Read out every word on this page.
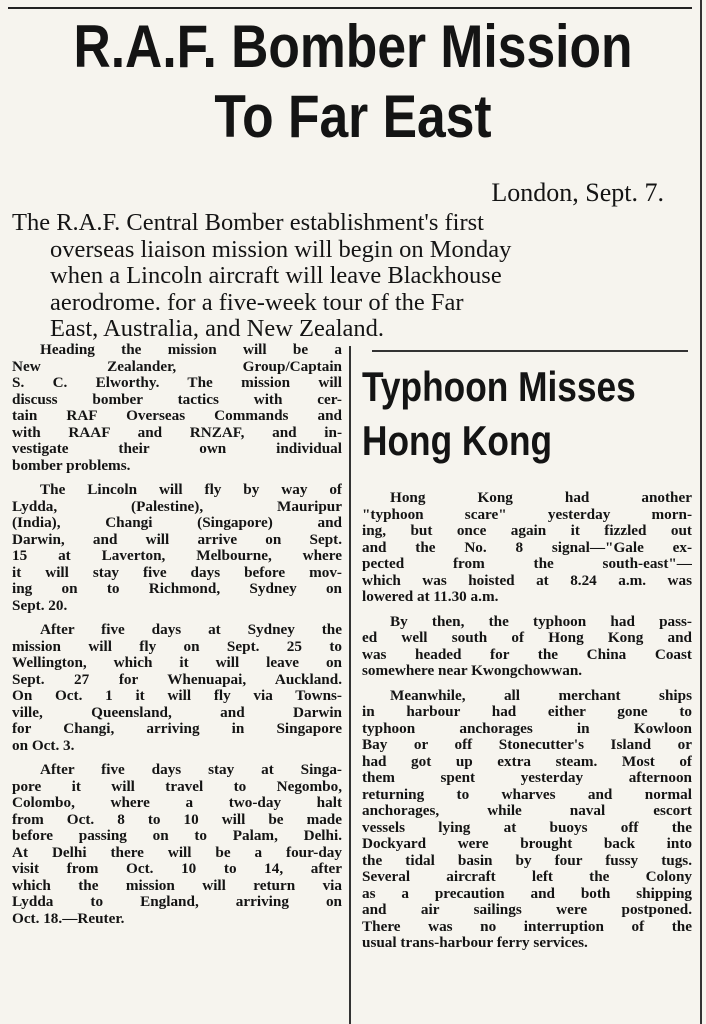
R.A.F. Bomber Mission
To Far East
London, Sept. 7.
The R.A.F. Central Bomber establishment's first
overseas liaison mission will begin on Monday
when a Lincoln aircraft will leave Blackhouse
aerodrome. for a five-week tour of the Far
East, Australia, and New Zealand.
Heading the mission will be a
New Zealander, Group/Captain
S. C. Elworthy. The mission will
discuss bomber tactics with cer-
tain RAF Overseas Commands and
with RAAF and RNZAF, and in-
vestigate their own individual
bomber problems.
The Lincoln will fly by way of
Lydda, (Palestine), Mauripur
(India), Changi (Singapore) and
Darwin, and will arrive on Sept.
15 at Laverton, Melbourne, where
it will stay five days before mov-
ing on to Richmond, Sydney on
Sept. 20.
After five days at Sydney the
mission will fly on Sept. 25 to
Wellington, which it will leave on
Sept. 27 for Whenuapai, Auckland.
On Oct. 1 it will fly via Towns-
ville, Queensland, and Darwin
for Changi, arriving in Singapore
on Oct. 3.
After five days stay at Singa-
pore it will travel to Negombo,
Colombo, where a two-day halt
from Oct. 8 to 10 will be made
before passing on to Palam, Delhi.
At Delhi there will be a four-day
visit from Oct. 10 to 14, after
which the mission will return via
Lydda to England, arriving on
Oct. 18.—Reuter.
Typhoon Misses
Hong Kong
Hong Kong had another
"typhoon scare" yesterday morn-
ing, but once again it fizzled out
and the No. 8 signal—"Gale ex-
pected from the south-east"—
which was hoisted at 8.24 a.m. was
lowered at 11.30 a.m.
By then, the typhoon had pass-
ed well south of Hong Kong and
was headed for the China Coast
somewhere near Kwongchowwan.
Meanwhile, all merchant ships
in harbour had either gone to
typhoon anchorages in Kowloon
Bay or off Stonecutter's Island or
had got up extra steam. Most of
them spent yesterday afternoon
returning to wharves and normal
anchorages, while naval escort
vessels lying at buoys off the
Dockyard were brought back into
the tidal basin by four fussy tugs.
Several aircraft left the Colony
as a precaution and both shipping
and air sailings were postponed.
There was no interruption of the
usual trans-harbour ferry services.
